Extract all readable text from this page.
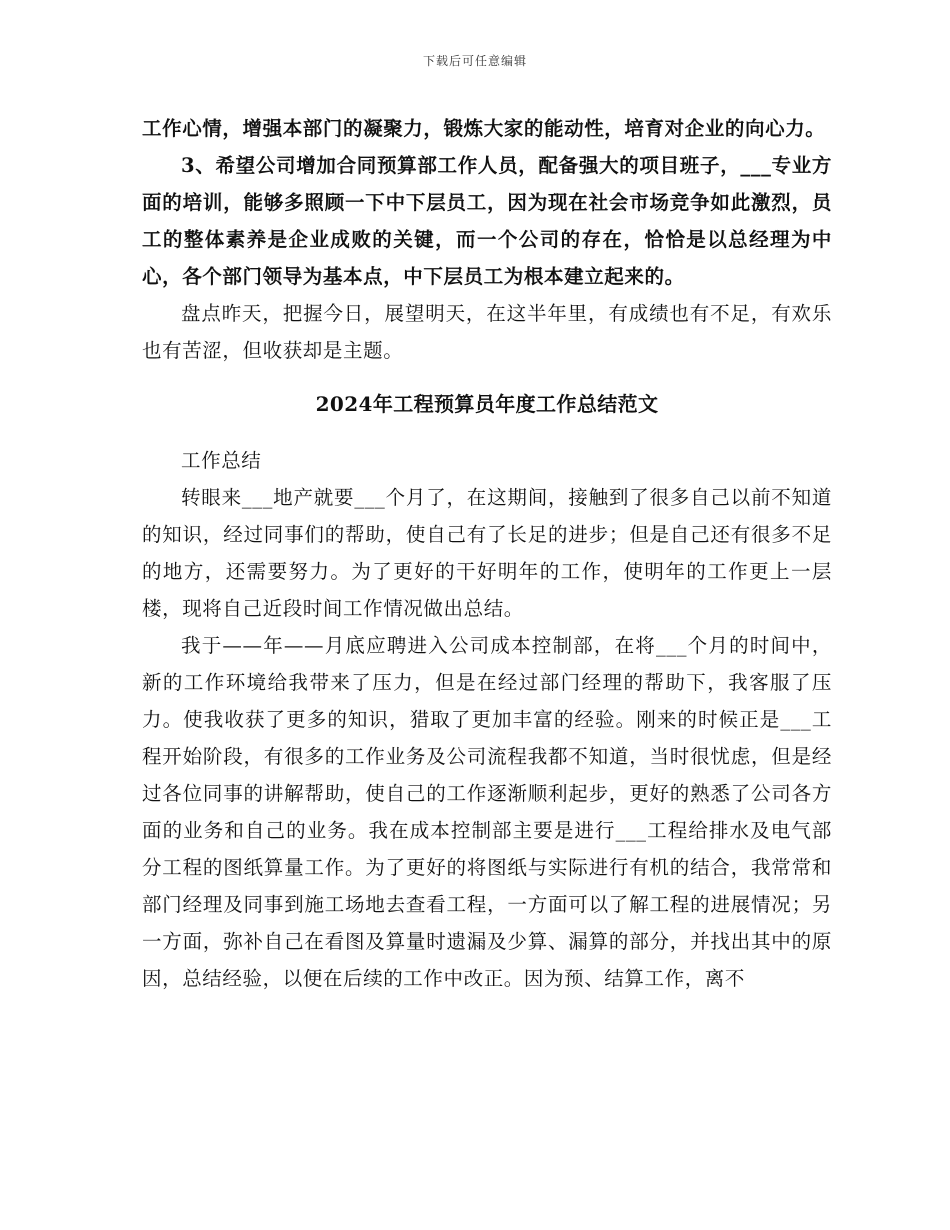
下载后可任意编辑

工作心情，增强本部门的凝聚力，锻炼大家的能动性，培育对企业的向心力。

3、希望公司增加合同预算部工作人员，配备强大的项目班子，___专业方面的培训，能够多照顾一下中下层员工，因为现在社会市场竞争如此激烈，员工的整体素养是企业成败的关键，而一个公司的存在，恰恰是以总经理为中心，各个部门领导为基本点，中下层员工为根本建立起来的。

盘点昨天，把握今日，展望明天，在这半年里，有成绩也有不足，有欢乐也有苦涩，但收获却是主题。

2024年工程预算员年度工作总结范文

工作总结

转眼来___地产就要___个月了，在这期间，接触到了很多自己以前不知道的知识，经过同事们的帮助，使自己有了长足的进步；但是自己还有很多不足的地方，还需要努力。为了更好的干好明年的工作，使明年的工作更上一层楼，现将自己近段时间工作情况做出总结。

我于——年——月底应聘进入公司成本控制部，在将___个月的时间中，新的工作环境给我带来了压力，但是在经过部门经理的帮助下，我客服了压力。使我收获了更多的知识，猎取了更加丰富的经验。刚来的时候正是___工程开始阶段，有很多的工作业务及公司流程我都不知道，当时很忧虑，但是经过各位同事的讲解帮助，使自己的工作逐渐顺利起步，更好的熟悉了公司各方面的业务和自己的业务。我在成本控制部主要是进行___工程给排水及电气部分工程的图纸算量工作。为了更好的将图纸与实际进行有机的结合，我常常和部门经理及同事到施工场地去查看工程，一方面可以了解工程的进展情况；另一方面，弥补自己在看图及算量时遗漏及少算、漏算的部分，并找出其中的原因，总结经验，以便在后续的工作中改正。因为预、结算工作，离不
